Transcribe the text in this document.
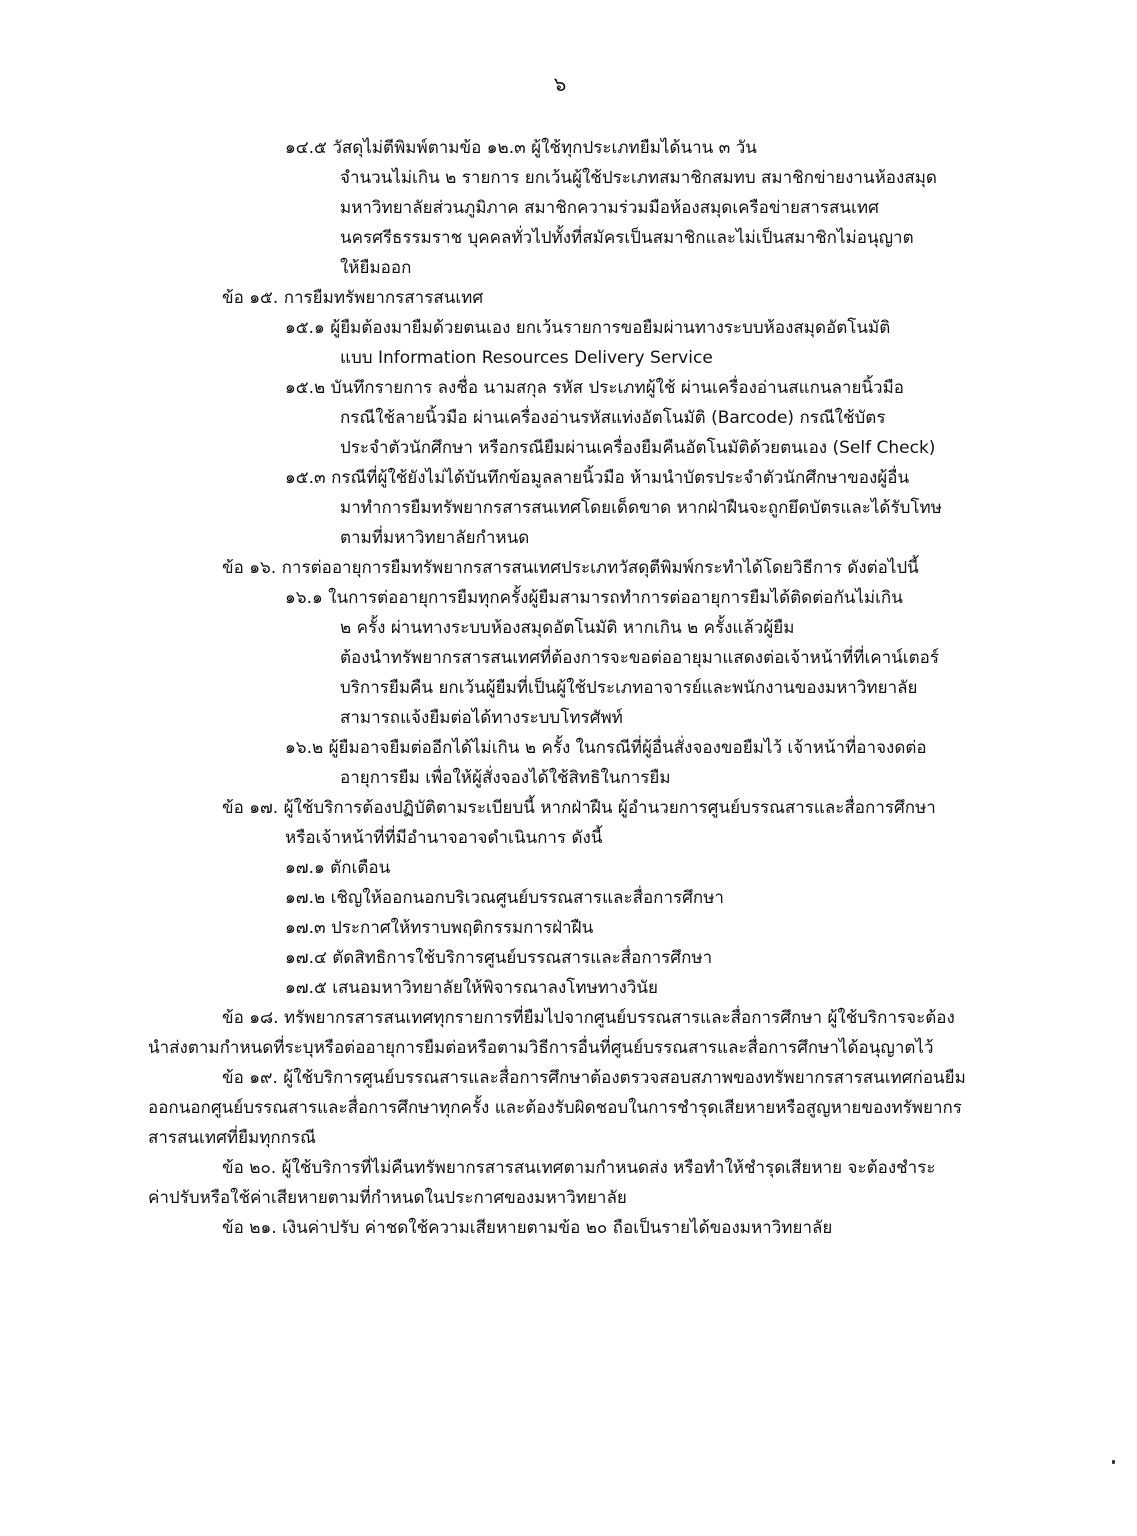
๖
๑๔.๕ วัสดุไม่ตีพิมพ์ตามข้อ ๑๒.๓ ผู้ใช้ทุกประเภทยืมได้นาน ๓ วัน
จำนวนไม่เกิน ๒ รายการ ยกเว้นผู้ใช้ประเภทสมาชิกสมทบ สมาชิกข่ายงานห้องสมุด
มหาวิทยาลัยส่วนภูมิภาค สมาชิกความร่วมมือห้องสมุดเครือข่ายสารสนเทศ
นครศรีธรรมราช บุคคลทั่วไปทั้งที่สมัครเป็นสมาชิกและไม่เป็นสมาชิกไม่อนุญาต
ให้ยืมออก
ข้อ ๑๕. การยืมทรัพยากรสารสนเทศ
๑๕.๑ ผู้ยืมต้องมายืมด้วยตนเอง ยกเว้นรายการขอยืมผ่านทางระบบห้องสมุดอัตโนมัติ
แบบ Information Resources Delivery Service
๑๕.๒ บันทึกรายการ ลงชื่อ นามสกุล รหัส ประเภทผู้ใช้ ผ่านเครื่องอ่านสแกนลายนิ้วมือ
กรณีใช้ลายนิ้วมือ ผ่านเครื่องอ่านรหัสแท่งอัตโนมัติ (Barcode) กรณีใช้บัตร
ประจำตัวนักศึกษา หรือกรณียืมผ่านเครื่องยืมคืนอัตโนมัติด้วยตนเอง (Self Check)
๑๕.๓ กรณีที่ผู้ใช้ยังไม่ได้บันทึกข้อมูลลายนิ้วมือ ห้ามนำบัตรประจำตัวนักศึกษาของผู้อื่น
มาทำการยืมทรัพยากรสารสนเทศโดยเด็ดขาด หากฝ่าฝืนจะถูกยึดบัตรและได้รับโทษ
ตามที่มหาวิทยาลัยกำหนด
ข้อ ๑๖. การต่ออายุการยืมทรัพยากรสารสนเทศประเภทวัสดุตีพิมพ์กระทำได้โดยวิธีการ ดังต่อไปนี้
๑๖.๑ ในการต่ออายุการยืมทุกครั้งผู้ยืมสามารถทำการต่ออายุการยืมได้ติดต่อกันไม่เกิน
๒ ครั้ง ผ่านทางระบบห้องสมุดอัตโนมัติ หากเกิน ๒ ครั้งแล้วผู้ยืม
ต้องนำทรัพยากรสารสนเทศที่ต้องการจะขอต่ออายุมาแสดงต่อเจ้าหน้าที่ที่เคาน์เตอร์
บริการยืมคืน ยกเว้นผู้ยืมที่เป็นผู้ใช้ประเภทอาจารย์และพนักงานของมหาวิทยาลัย
สามารถแจ้งยืมต่อได้ทางระบบโทรศัพท์
๑๖.๒ ผู้ยืมอาจยืมต่ออีกได้ไม่เกิน ๒ ครั้ง ในกรณีที่ผู้อื่นสั่งจองขอยืมไว้ เจ้าหน้าที่อาจงดต่อ
อายุการยืม เพื่อให้ผู้สั่งจองได้ใช้สิทธิในการยืม
ข้อ ๑๗. ผู้ใช้บริการต้องปฏิบัติตามระเบียบนี้ หากฝ่าฝืน ผู้อำนวยการศูนย์บรรณสารและสื่อการศึกษา
หรือเจ้าหน้าที่ที่มีอำนาจอาจดำเนินการ ดังนี้
๑๗.๑ ตักเตือน
๑๗.๒ เชิญให้ออกนอกบริเวณศูนย์บรรณสารและสื่อการศึกษา
๑๗.๓ ประกาศให้ทราบพฤติกรรมการฝ่าฝืน
๑๗.๔ ตัดสิทธิการใช้บริการศูนย์บรรณสารและสื่อการศึกษา
๑๗.๕ เสนอมหาวิทยาลัยให้พิจารณาลงโทษทางวินัย
ข้อ ๑๘. ทรัพยากรสารสนเทศทุกรายการที่ยืมไปจากศูนย์บรรณสารและสื่อการศึกษา ผู้ใช้บริการจะต้อง
นำส่งตามกำหนดที่ระบุหรือต่ออายุการยืมต่อหรือตามวิธีการอื่นที่ศูนย์บรรณสารและสื่อการศึกษาได้อนุญาตไว้
ข้อ ๑๙. ผู้ใช้บริการศูนย์บรรณสารและสื่อการศึกษาต้องตรวจสอบสภาพของทรัพยากรสารสนเทศก่อนยืม
ออกนอกศูนย์บรรณสารและสื่อการศึกษาทุกครั้ง และต้องรับผิดชอบในการชำรุดเสียหายหรือสูญหายของทรัพยากร
สารสนเทศที่ยืมทุกกรณี
ข้อ ๒๐. ผู้ใช้บริการที่ไม่คืนทรัพยากรสารสนเทศตามกำหนดส่ง หรือทำให้ชำรุดเสียหาย จะต้องชำระ
ค่าปรับหรือใช้ค่าเสียหายตามที่กำหนดในประกาศของมหาวิทยาลัย
ข้อ ๒๑. เงินค่าปรับ ค่าชดใช้ความเสียหายตามข้อ ๒๐ ถือเป็นรายได้ของมหาวิทยาลัย
